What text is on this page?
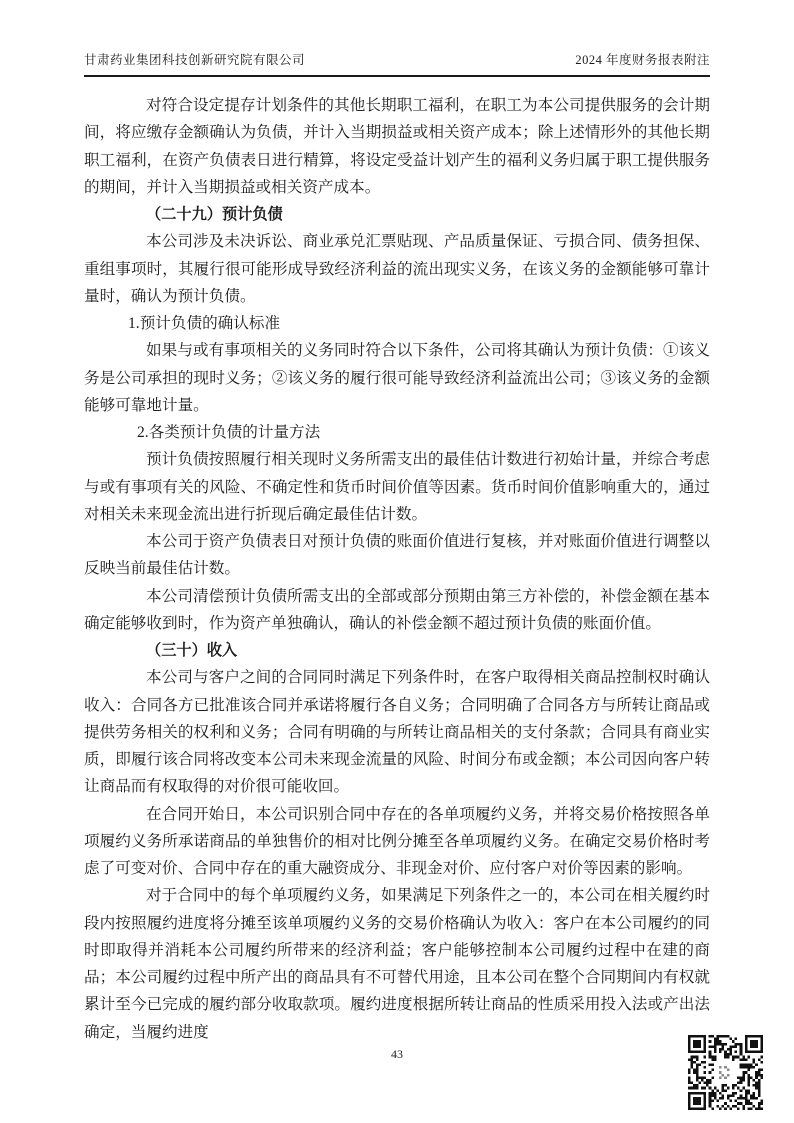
甘肃药业集团科技创新研究院有限公司	2024 年度财务报表附注

对符合设定提存计划条件的其他长期职工福利，在职工为本公司提供服务的会计期间，将应缴存金额确认为负债，并计入当期损益或相关资产成本；除上述情形外的其他长期职工福利，在资产负债表日进行精算，将设定受益计划产生的福利义务归属于职工提供服务的期间，并计入当期损益或相关资产成本。

（二十九）预计负债

本公司涉及未决诉讼、商业承兑汇票贴现、产品质量保证、亏损合同、债务担保、重组事项时，其履行很可能形成导致经济利益的流出现实义务，在该义务的金额能够可靠计量时，确认为预计负债。

1.预计负债的确认标准

如果与或有事项相关的义务同时符合以下条件，公司将其确认为预计负债：①该义务是公司承担的现时义务；②该义务的履行很可能导致经济利益流出公司；③该义务的金额能够可靠地计量。

2.各类预计负债的计量方法

预计负债按照履行相关现时义务所需支出的最佳估计数进行初始计量，并综合考虑与或有事项有关的风险、不确定性和货币时间价值等因素。货币时间价值影响重大的，通过对相关未来现金流出进行折现后确定最佳估计数。

本公司于资产负债表日对预计负债的账面价值进行复核，并对账面价值进行调整以反映当前最佳估计数。

本公司清偿预计负债所需支出的全部或部分预期由第三方补偿的，补偿金额在基本确定能够收到时，作为资产单独确认，确认的补偿金额不超过预计负债的账面价值。

（三十）收入

本公司与客户之间的合同同时满足下列条件时，在客户取得相关商品控制权时确认收入：合同各方已批准该合同并承诺将履行各自义务；合同明确了合同各方与所转让商品或提供劳务相关的权利和义务；合同有明确的与所转让商品相关的支付条款；合同具有商业实质，即履行该合同将改变本公司未来现金流量的风险、时间分布或金额；本公司因向客户转让商品而有权取得的对价很可能收回。

在合同开始日，本公司识别合同中存在的各单项履约义务，并将交易价格按照各单项履约义务所承诺商品的单独售价的相对比例分摊至各单项履约义务。在确定交易价格时考虑了可变对价、合同中存在的重大融资成分、非现金对价、应付客户对价等因素的影响。

对于合同中的每个单项履约义务，如果满足下列条件之一的，本公司在相关履约时段内按照履约进度将分摊至该单项履约义务的交易价格确认为收入：客户在本公司履约的同时即取得并消耗本公司履约所带来的经济利益；客户能够控制本公司履约过程中在建的商品；本公司履约过程中所产出的商品具有不可替代用途，且本公司在整个合同期间内有权就累计至今已完成的履约部分收取款项。履约进度根据所转让商品的性质采用投入法或产出法确定，当履约进度

43
